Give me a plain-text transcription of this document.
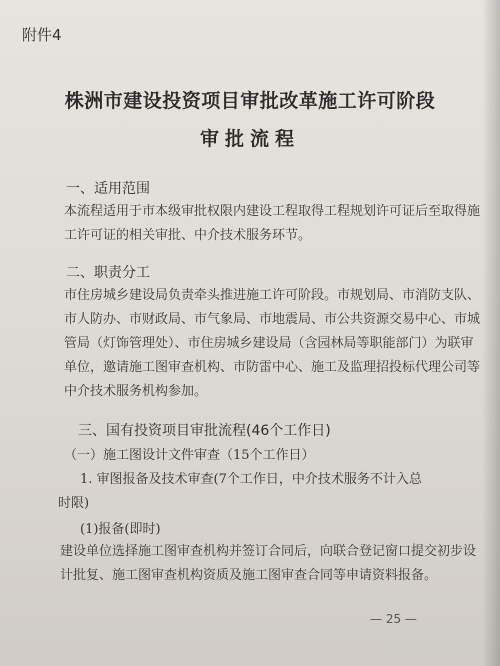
附件4
株洲市建设投资项目审批改革施工许可阶段
审批流程
一、适用范围
本流程适用于市本级审批权限内建设工程取得工程规划许可证后至取得施工许可证的相关审批、中介技术服务环节。
二、职责分工
市住房城乡建设局负责牵头推进施工许可阶段。市规划局、市消防支队、市人防办、市财政局、市气象局、市地震局、市公共资源交易中心、市城管局（灯饰管理处）、市住房城乡建设局（含园林局等职能部门）为联审单位，邀请施工图审查机构、市防雷中心、施工及监理招投标代理公司等中介技术服务机构参加。
三、国有投资项目审批流程(46个工作日)
（一）施工图设计文件审查（15个工作日）
1. 审图报备及技术审查(7个工作日，中介技术服务不计入总
时限)
(1)报备(即时)
建设单位选择施工图审查机构并签订合同后，向联合登记窗口提交初步设计批复、施工图审查机构资质及施工图审查合同等申请资料报备。
— 25 —
